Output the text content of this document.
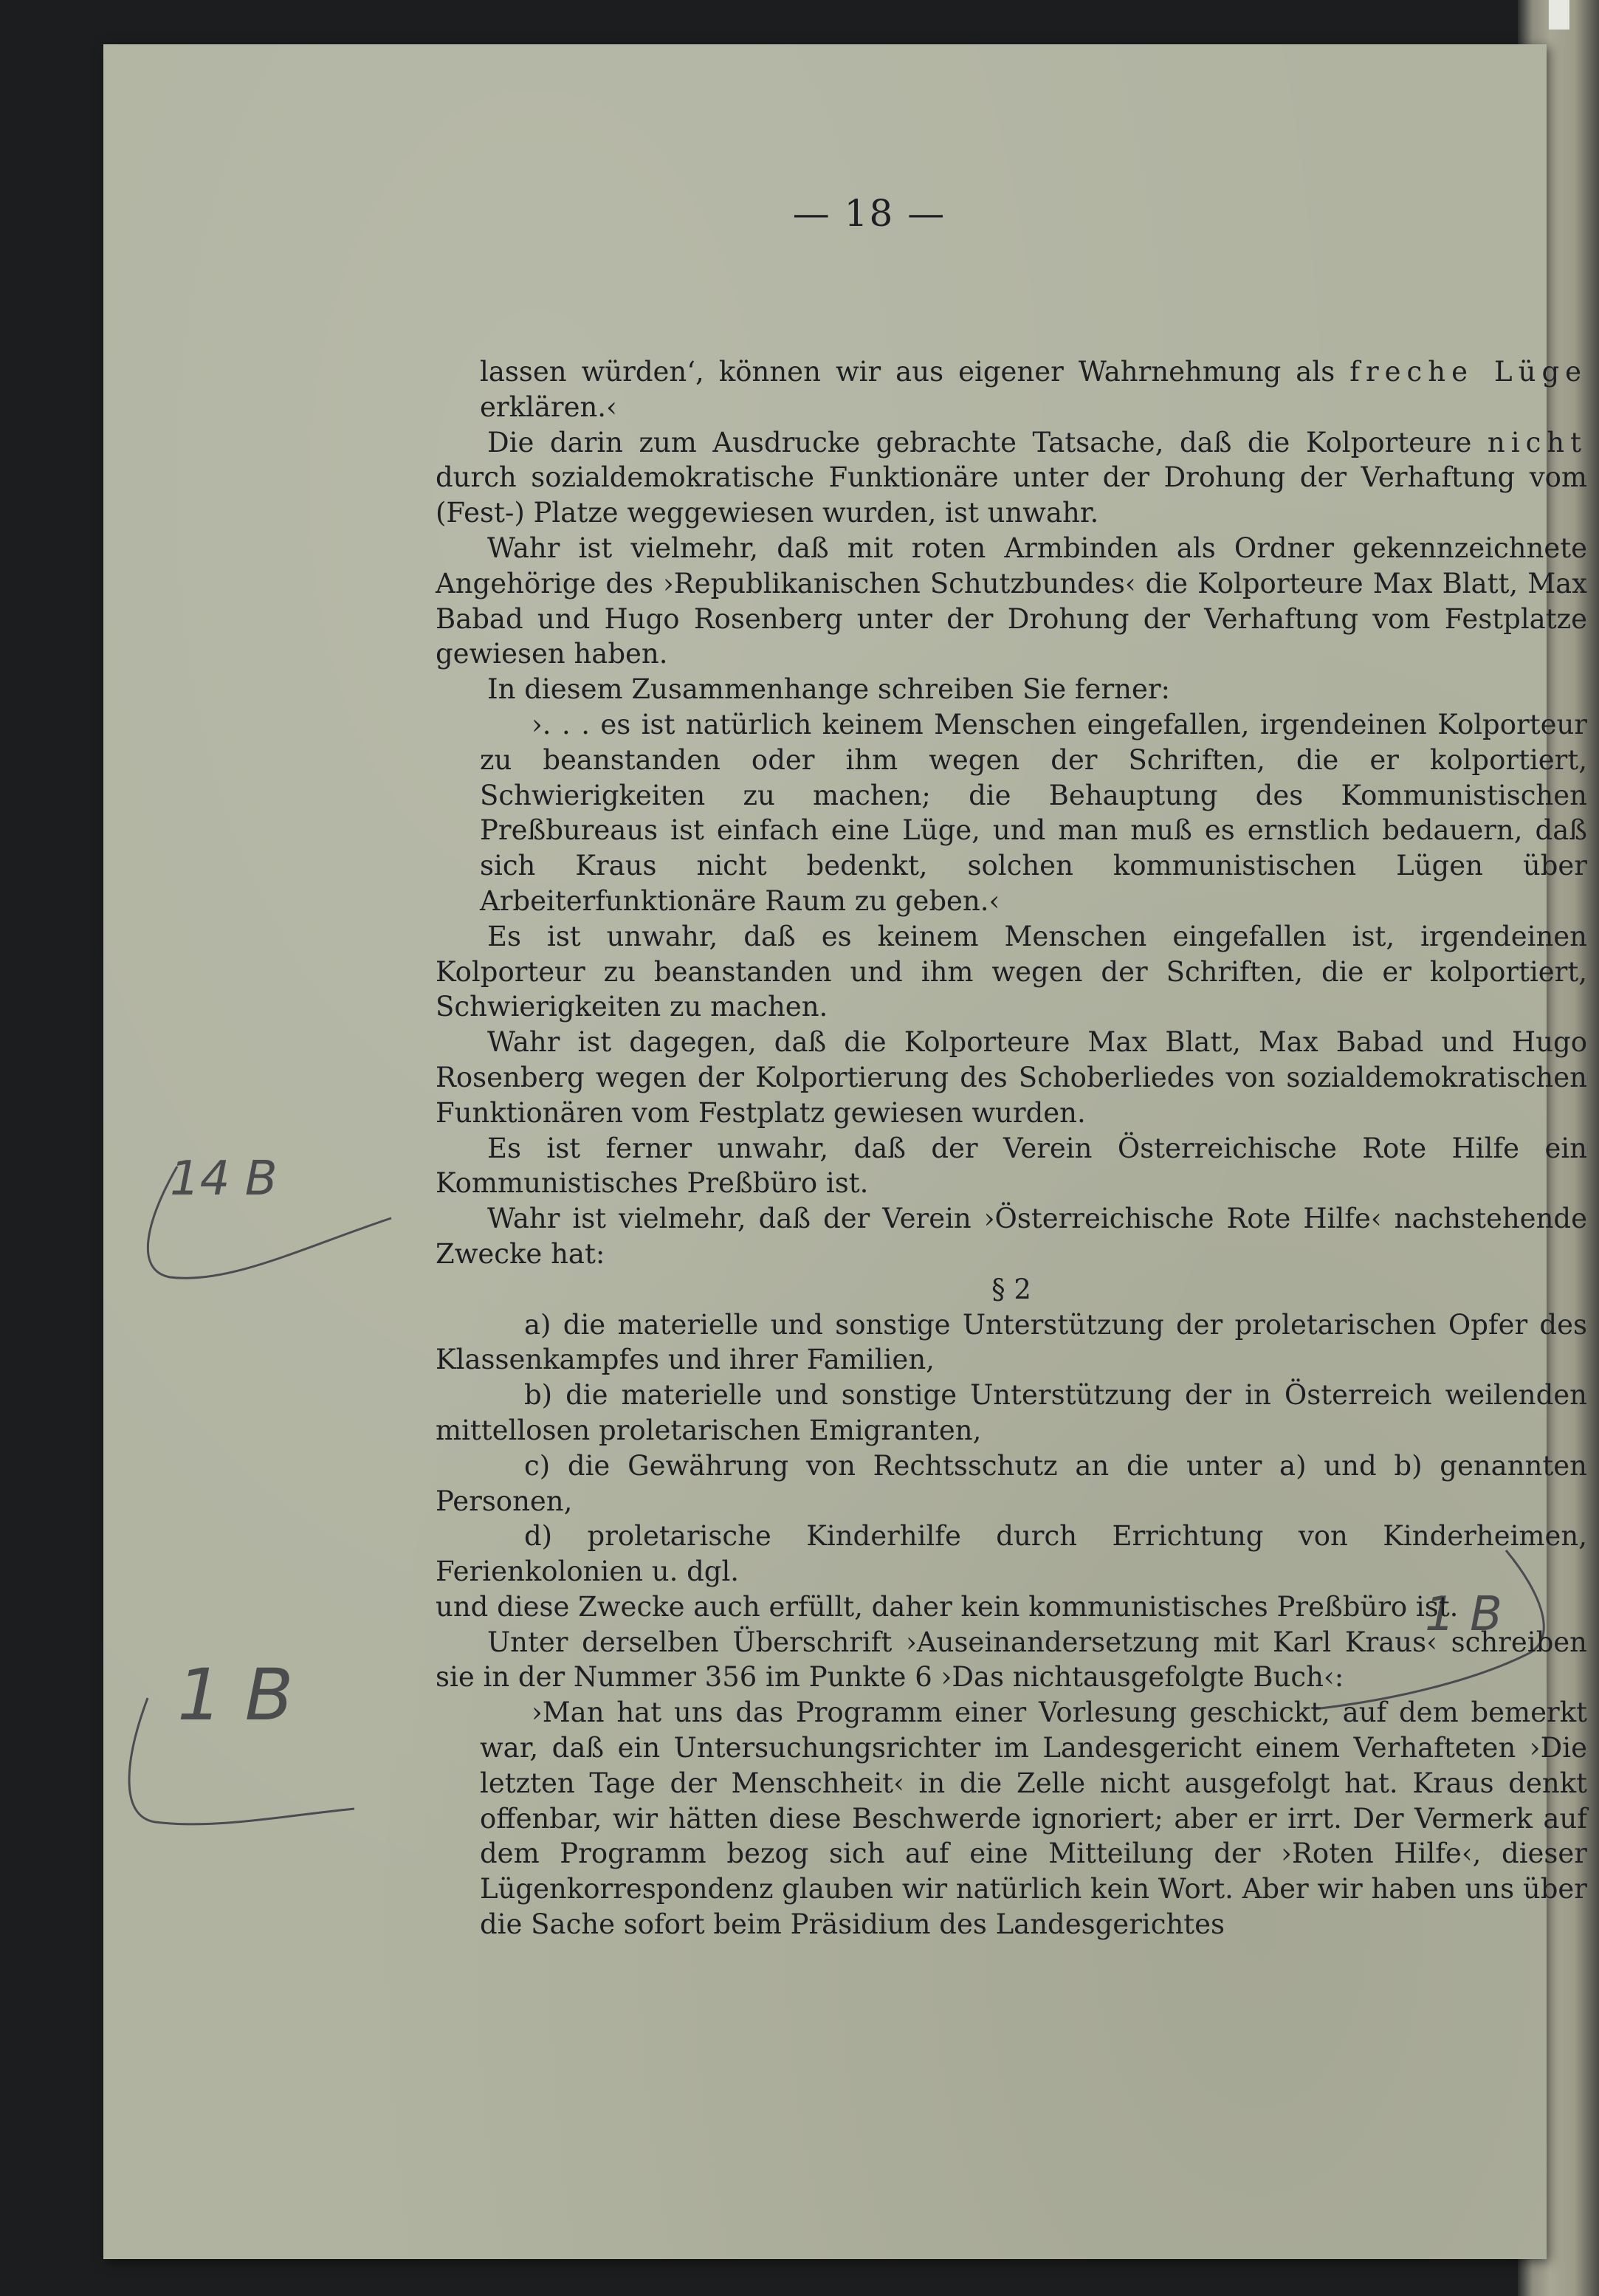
— 18 —
14 B
1 B
1 B

lassen würden‘, können wir aus eigener Wahrnehmung als freche Lüge erklären.‹

Die darin zum Ausdrucke gebrachte Tatsache, daß die Kolporteure nicht durch sozialdemokratische Funktionäre unter der Drohung der Verhaftung vom (Fest-) Platze weggewiesen wurden, ist unwahr.

Wahr ist vielmehr, daß mit roten Armbinden als Ordner gekennzeichnete Angehörige des ›Republikanischen Schutzbundes‹ die Kolporteure Max Blatt, Max Babad und Hugo Rosenberg unter der Drohung der Verhaftung vom Festplatze gewiesen haben.

In diesem Zusammenhange schreiben Sie ferner:

›. . . es ist natürlich keinem Menschen eingefallen, irgendeinen Kolporteur zu beanstanden oder ihm wegen der Schriften, die er kolportiert, Schwierigkeiten zu machen; die Behauptung des Kommunistischen Preßbureaus ist einfach eine Lüge, und man muß es ernstlich bedauern, daß sich Kraus nicht bedenkt, solchen kommunistischen Lügen über Arbeiterfunktionäre Raum zu geben.‹

Es ist unwahr, daß es keinem Menschen eingefallen ist, irgendeinen Kolporteur zu beanstanden und ihm wegen der Schriften, die er kolportiert, Schwierigkeiten zu machen.

Wahr ist dagegen, daß die Kolporteure Max Blatt, Max Babad und Hugo Rosenberg wegen der Kolportierung des Schoberliedes von sozialdemokratischen Funktionären vom Festplatz gewiesen wurden.

Es ist ferner unwahr, daß der Verein Österreichische Rote Hilfe ein Kommunistisches Preßbüro ist.

Wahr ist vielmehr, daß der Verein ›Österreichische Rote Hilfe‹ nachstehende Zwecke hat:

§ 2

a) die materielle und sonstige Unterstützung der proletarischen Opfer des Klassenkampfes und ihrer Familien,

b) die materielle und sonstige Unterstützung der in Österreich weilenden mittellosen proletarischen Emigranten,

c) die Gewährung von Rechtsschutz an die unter a) und b) genannten Personen,

d) proletarische Kinderhilfe durch Errichtung von Kinderheimen, Ferienkolonien u. dgl.

und diese Zwecke auch erfüllt, daher kein kommunistisches Preßbüro ist.

Unter derselben Überschrift ›Auseinandersetzung mit Karl Kraus‹ schreiben sie in der Nummer 356 im Punkte 6 ›Das nichtausgefolgte Buch‹:

›Man hat uns das Programm einer Vorlesung geschickt, auf dem bemerkt war, daß ein Untersuchungsrichter im Landesgericht einem Verhafteten ›Die letzten Tage der Menschheit‹ in die Zelle nicht ausgefolgt hat. Kraus denkt offenbar, wir hätten diese Beschwerde ignoriert; aber er irrt. Der Vermerk auf dem Programm bezog sich auf eine Mitteilung der ›Roten Hilfe‹, dieser Lügenkorrespondenz glauben wir natürlich kein Wort. Aber wir haben uns über die Sache sofort beim Präsidium des Landesgerichtes
